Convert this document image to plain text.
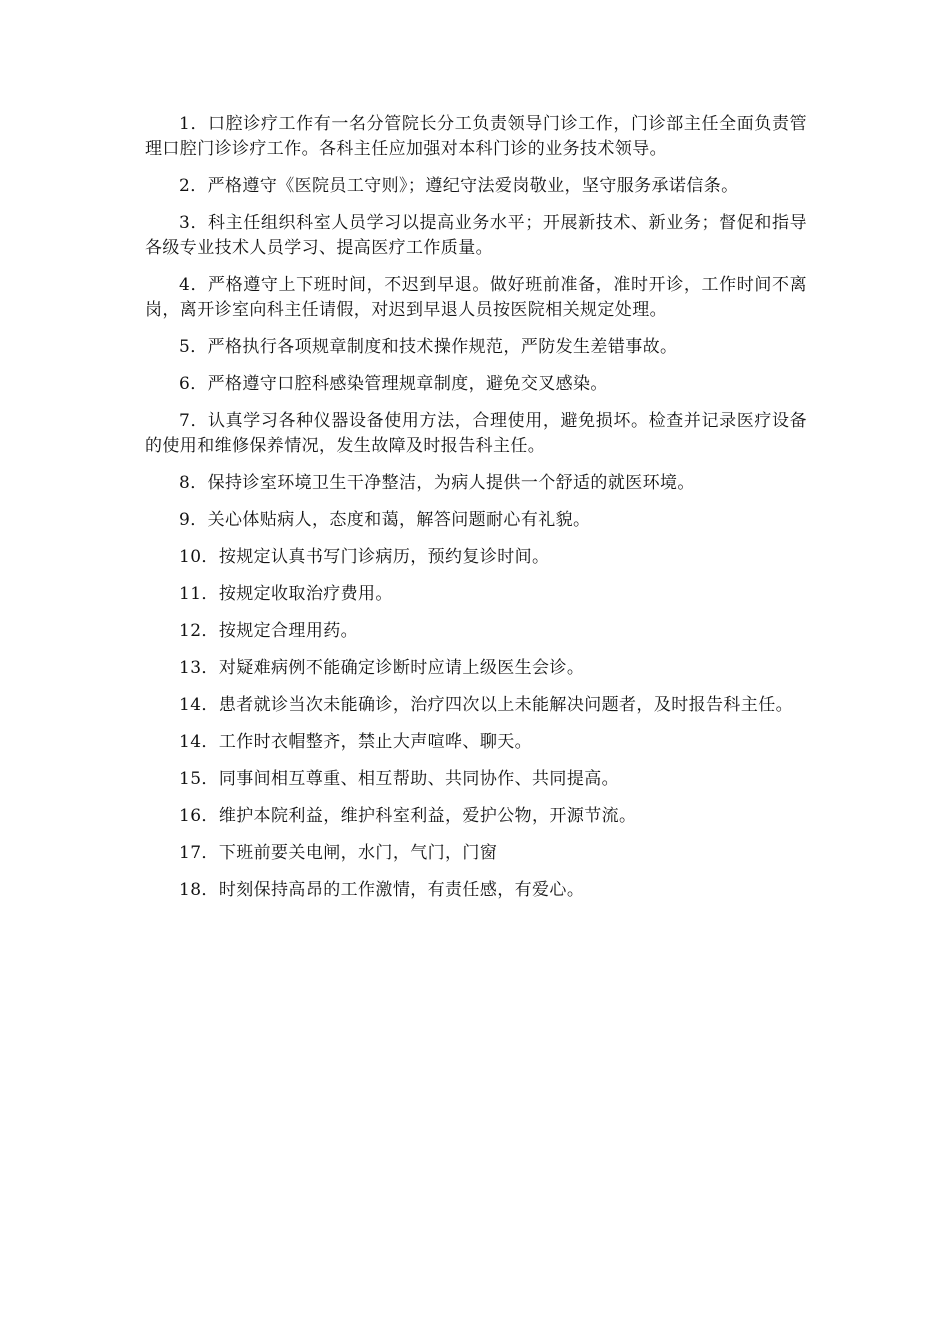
1．口腔诊疗工作有一名分管院长分工负责领导门诊工作，门诊部主任全面负责管理口腔门诊诊疗工作。各科主任应加强对本科门诊的业务技术领导。

2．严格遵守《医院员工守则》；遵纪守法爱岗敬业，坚守服务承诺信条。

3．科主任组织科室人员学习以提高业务水平；开展新技术、新业务；督促和指导各级专业技术人员学习、提高医疗工作质量。

4．严格遵守上下班时间，不迟到早退。做好班前准备，准时开诊，工作时间不离岗，离开诊室向科主任请假，对迟到早退人员按医院相关规定处理。

5．严格执行各项规章制度和技术操作规范，严防发生差错事故。

6．严格遵守口腔科感染管理规章制度，避免交叉感染。

7．认真学习各种仪器设备使用方法，合理使用，避免损坏。检查并记录医疗设备的使用和维修保养情况，发生故障及时报告科主任。

8．保持诊室环境卫生干净整洁，为病人提供一个舒适的就医环境。

9．关心体贴病人，态度和蔼，解答问题耐心有礼貌。

10．按规定认真书写门诊病历，预约复诊时间。

11．按规定收取治疗费用。

12．按规定合理用药。

13．对疑难病例不能确定诊断时应请上级医生会诊。

14．患者就诊当次未能确诊，治疗四次以上未能解决问题者，及时报告科主任。

14．工作时衣帽整齐，禁止大声喧哗、聊天。

15．同事间相互尊重、相互帮助、共同协作、共同提高。

16．维护本院利益，维护科室利益，爱护公物，开源节流。

17．下班前要关电闸，水门，气门，门窗

18．时刻保持高昂的工作激情，有责任感，有爱心。
